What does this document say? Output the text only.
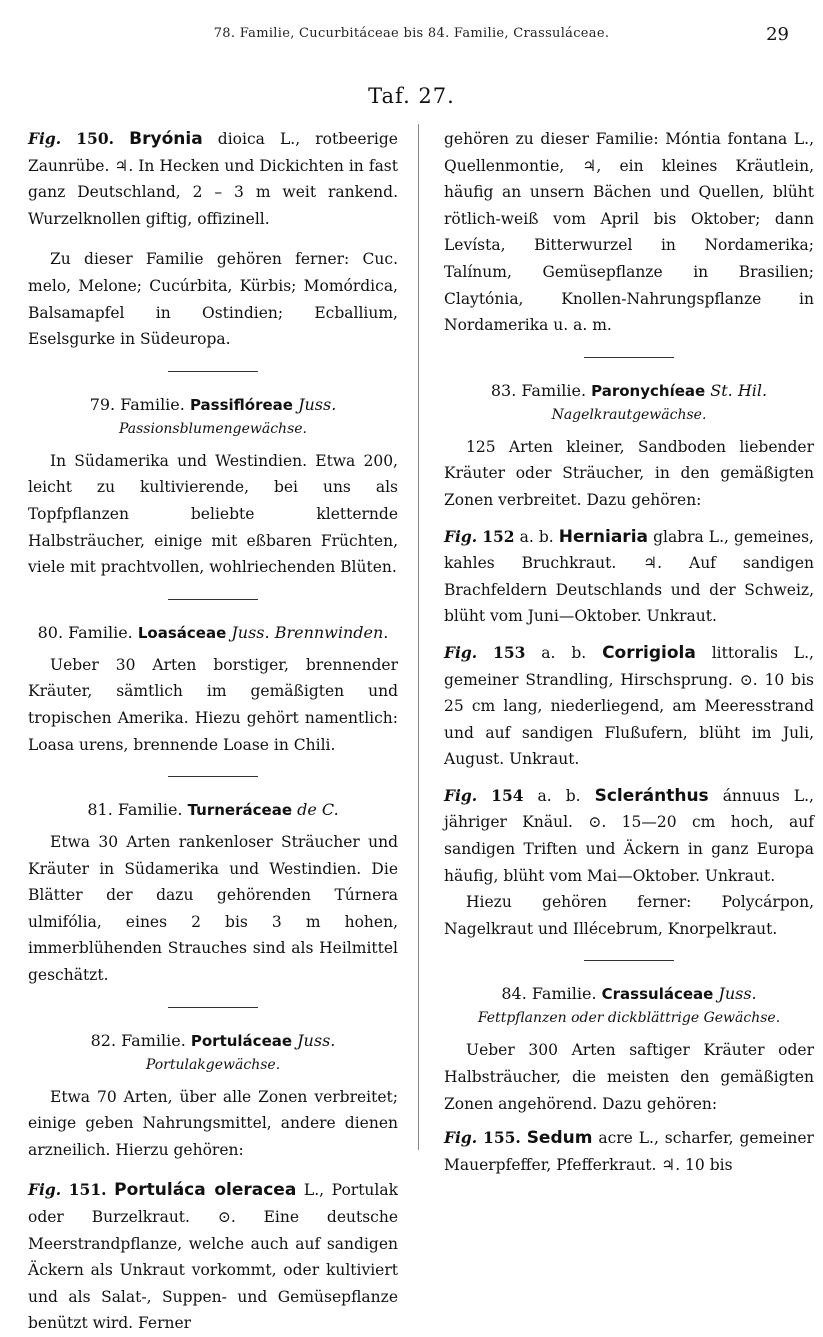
78. Familie, Cucurbitáceae bis 84. Familie, Crassuláceae.	29
Taf. 27.

Fig. 150. Bryónia dioica L., rotbeerige Zaunrübe. ♃. In Hecken und Dickichten in fast ganz Deutschland, 2 – 3 m weit rankend. Wurzelknollen giftig, offizinell.

Zu dieser Familie gehören ferner: Cuc. melo, Melone; Cucúrbita, Kürbis; Momórdica, Balsamapfel in Ostindien; Ecballium, Eselsgurke in Südeuropa.

79. Familie. Passiflóreae Juss.

Passionsblumengewächse.

In Südamerika und Westindien. Etwa 200, leicht zu kultivierende, bei uns als Topfpflanzen beliebte kletternde Halbsträucher, einige mit eßbaren Früchten, viele mit prachtvollen, wohlriechenden Blüten.

80. Familie. Loasáceae Juss. Brennwinden.

Ueber 30 Arten borstiger, brennender Kräuter, sämtlich im gemäßigten und tropischen Amerika. Hiezu gehört namentlich: Loasa urens, brennende Loase in Chili.

81. Familie. Turneráceae de C.

Etwa 30 Arten rankenloser Sträucher und Kräuter in Südamerika und Westindien. Die Blätter der dazu gehörenden Túrnera ulmifólia, eines 2 bis 3 m hohen, immerblühenden Strauches sind als Heilmittel geschätzt.

82. Familie. Portuláceae Juss.

Portulakgewächse.

Etwa 70 Arten, über alle Zonen verbreitet; einige geben Nahrungsmittel, andere dienen arzneilich. Hierzu gehören:

Fig. 151. Portuláca oleracea L., Portulak oder Burzelkraut. ⊙. Eine deutsche Meerstrandpflanze, welche auch auf sandigen Äckern als Unkraut vorkommt, oder kultiviert und als Salat-, Suppen- und Gemüsepflanze benützt wird. Ferner

gehören zu dieser Familie: Móntia fontana L., Quellenmontie, ♃, ein kleines Kräutlein, häufig an unsern Bächen und Quellen, blüht rötlich-weiß vom April bis Oktober; dann Levísta, Bitterwurzel in Nordamerika; Talínum, Gemüsepflanze in Brasilien; Claytónia, Knollen-Nahrungspflanze in Nordamerika u. a. m.

83. Familie. Paronychíeae St. Hil.

Nagelkrautgewächse.

125 Arten kleiner, Sandboden liebender Kräuter oder Sträucher, in den gemäßigten Zonen verbreitet. Dazu gehören:

Fig. 152 a. b. Herniaria glabra L., gemeines, kahles Bruchkraut. ♃. Auf sandigen Brachfeldern Deutschlands und der Schweiz, blüht vom Juni—Oktober. Unkraut.

Fig. 153 a. b. Corrigiola littoralis L., gemeiner Strandling, Hirschsprung. ⊙. 10 bis 25 cm lang, niederliegend, am Meeresstrand und auf sandigen Flußufern, blüht im Juli, August. Unkraut.

Fig. 154 a. b. Scleránthus ánnuus L., jähriger Knäul. ⊙. 15—20 cm hoch, auf sandigen Triften und Äckern in ganz Europa häufig, blüht vom Mai—Oktober. Unkraut.

Hiezu gehören ferner: Polycárpon, Nagelkraut und Illécebrum, Knorpelkraut.

84. Familie. Crassuláceae Juss.

Fettpflanzen oder dickblättrige Gewächse.

Ueber 300 Arten saftiger Kräuter oder Halbsträucher, die meisten den gemäßigten Zonen angehörend. Dazu gehören:

Fig. 155. Sedum acre L., scharfer, gemeiner Mauerpfeffer, Pfefferkraut. ♃. 10 bis
